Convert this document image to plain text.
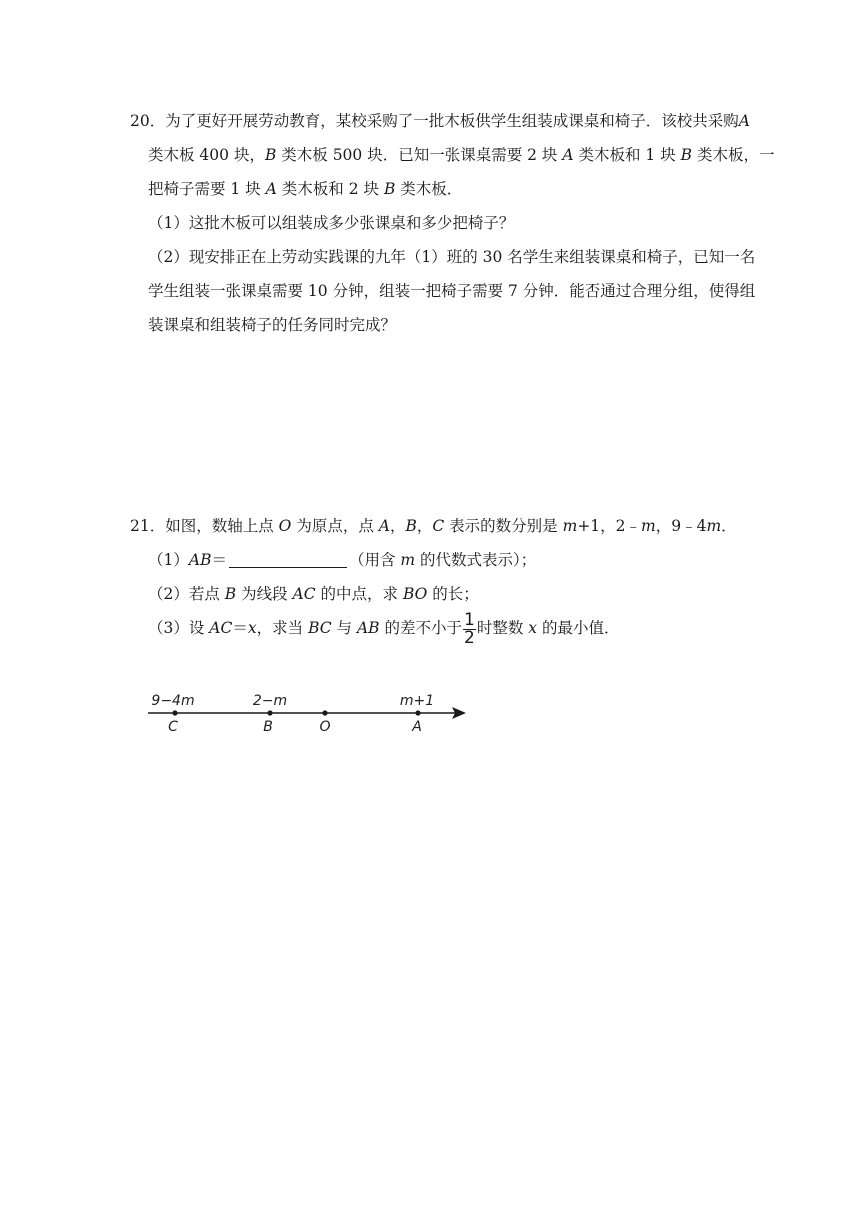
20．为了更好开展劳动教育，某校采购了一批木板供学生组装成课桌和椅子．该校共采购A
类木板 400 块，B 类木板 500 块．已知一张课桌需要 2 块 A 类木板和 1 块 B 类木板，一
把椅子需要 1 块 A 类木板和 2 块 B 类木板．
（1）这批木板可以组装成多少张课桌和多少把椅子？
（2）现安排正在上劳动实践课的九年（1）班的 30 名学生来组装课桌和椅子，已知一名
学生组装一张课桌需要 10 分钟，组装一把椅子需要 7 分钟．能否通过合理分组，使得组
装课桌和组装椅子的任务同时完成？
21．如图，数轴上点 O 为原点，点 A，B，C 表示的数分别是 m+1，2﹣m，9﹣4m．
（1）AB＝	（用含 m 的代数式表示）；
（2）若点 B 为线段 AC 的中点，求 BO 的长；
（3）设 AC＝x，求当 BC 与 AB 的差不小于 $\frac{1}{2}$ 时整数 x 的最小值．
9−4m	2−m	m+1
C	B	O	A
